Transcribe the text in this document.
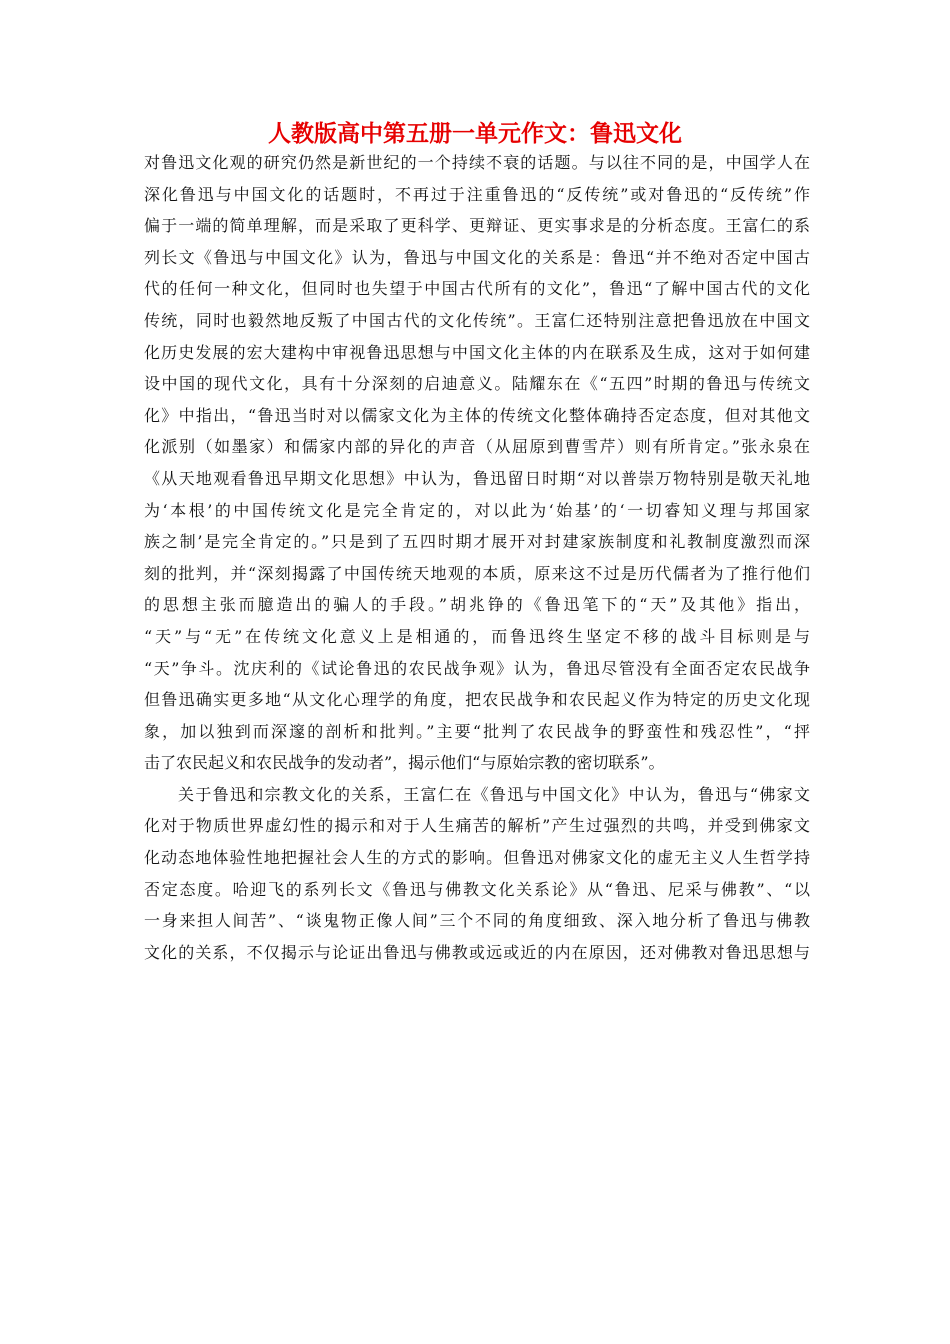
人教版高中第五册一单元作文：鲁迅文化
对鲁迅文化观的研究仍然是新世纪的一个持续不衰的话题。与以往不同的是，中国学人在
深化鲁迅与中国文化的话题时，不再过于注重鲁迅的“反传统”或对鲁迅的“反传统”作
偏于一端的简单理解，而是采取了更科学、更辩证、更实事求是的分析态度。王富仁的系
列长文《鲁迅与中国文化》认为，鲁迅与中国文化的关系是：鲁迅“并不绝对否定中国古
代的任何一种文化，但同时也失望于中国古代所有的文化”，鲁迅“了解中国古代的文化
传统，同时也毅然地反叛了中国古代的文化传统”。王富仁还特别注意把鲁迅放在中国文
化历史发展的宏大建构中审视鲁迅思想与中国文化主体的内在联系及生成，这对于如何建
设中国的现代文化，具有十分深刻的启迪意义。陆耀东在《“五四”时期的鲁迅与传统文
化》中指出，“鲁迅当时对以儒家文化为主体的传统文化整体确持否定态度，但对其他文
化派别（如墨家）和儒家内部的异化的声音（从屈原到曹雪芹）则有所肯定。”张永泉在
《从天地观看鲁迅早期文化思想》中认为，鲁迅留日时期“对以普崇万物特别是敬天礼地
为‘本根’的中国传统文化是完全肯定的，对以此为‘始基’的‘一切睿知义理与邦国家
族之制’是完全肯定的。”只是到了五四时期才展开对封建家族制度和礼教制度激烈而深
刻的批判，并“深刻揭露了中国传统天地观的本质，原来这不过是历代儒者为了推行他们
的思想主张而臆造出的骗人的手段。”胡兆铮的《鲁迅笔下的“天”及其他》指出，
“天”与“无”在传统文化意义上是相通的，而鲁迅终生坚定不移的战斗目标则是与
“天”争斗。沈庆利的《试论鲁迅的农民战争观》认为，鲁迅尽管没有全面否定农民战争
但鲁迅确实更多地“从文化心理学的角度，把农民战争和农民起义作为特定的历史文化现
象，加以独到而深邃的剖析和批判。”主要“批判了农民战争的野蛮性和残忍性”，“抨
击了农民起义和农民战争的发动者”，揭示他们“与原始宗教的密切联系”。
关于鲁迅和宗教文化的关系，王富仁在《鲁迅与中国文化》中认为，鲁迅与“佛家文
化对于物质世界虚幻性的揭示和对于人生痛苦的解析”产生过强烈的共鸣，并受到佛家文
化动态地体验性地把握社会人生的方式的影响。但鲁迅对佛家文化的虚无主义人生哲学持
否定态度。哈迎飞的系列长文《鲁迅与佛教文化关系论》从“鲁迅、尼采与佛教”、“以
一身来担人间苦”、“谈鬼物正像人间”三个不同的角度细致、深入地分析了鲁迅与佛教
文化的关系，不仅揭示与论证出鲁迅与佛教或远或近的内在原因，还对佛教对鲁迅思想与
